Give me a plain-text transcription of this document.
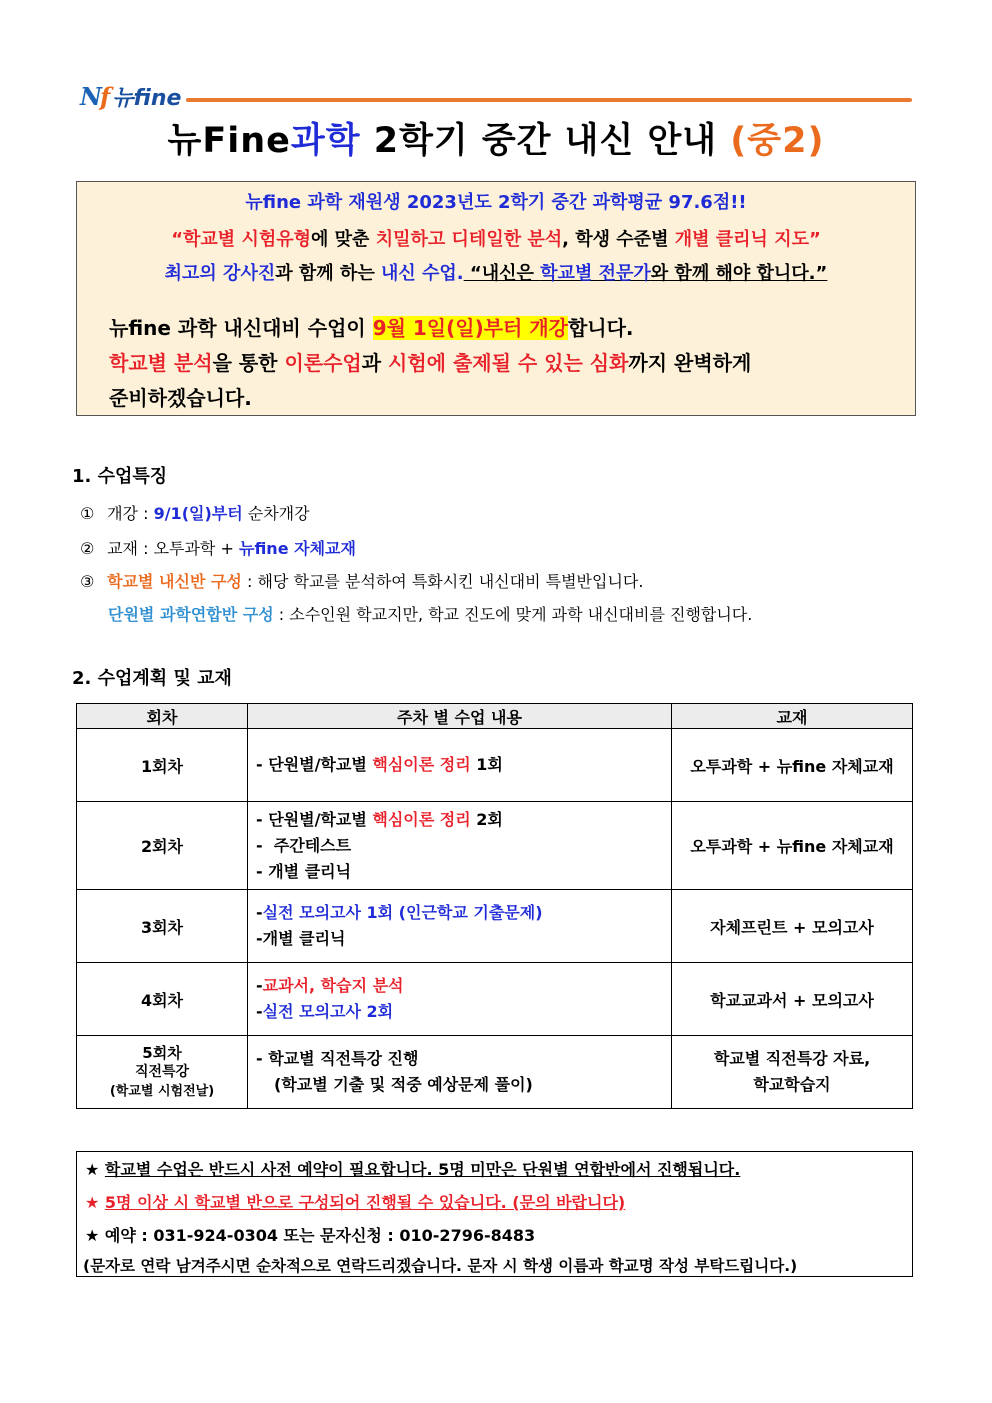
Nf 뉴fine
뉴Fine과학 2학기 중간 내신 안내 (중2)
뉴fine 과학 재원생 2023년도 2학기 중간 과학평균 97.6점!!
“학교별 시험유형에 맞춘 치밀하고 디테일한 분석, 학생 수준별 개별 클리닉 지도”
최고의 강사진과 함께 하는 내신 수업. “내신은 학교별 전문가와 함께 해야 합니다.”
뉴fine 과학 내신대비 수업이 9월 1일(일)부터 개강합니다.
학교별 분석을 통한 이론수업과 시험에 출제될 수 있는 심화까지 완벽하게
준비하겠습니다.
1. 수업특징
① 개강 : 9/1(일)부터 순차개강
② 교재 : 오투과학 + 뉴fine 자체교재
③ 학교별 내신반 구성 : 해당 학교를 분석하여 특화시킨 내신대비 특별반입니다.
단원별 과학연합반 구성 : 소수인원 학교지만, 학교 진도에 맞게 과학 내신대비를 진행합니다.
2. 수업계획 및 교재
회차	주차 별 수업 내용	교재
1회차	- 단원별/학교별 핵심이론 정리 1회	오투과학 + 뉴fine 자체교재
2회차	- 단원별/학교별 핵심이론 정리 2회
-  주간테스트
- 개별 클리닉	오투과학 + 뉴fine 자체교재
3회차	-실전 모의고사 1회 (인근학교 기출문제)
-개별 클리닉	자체프린트 + 모의고사
4회차	-교과서, 학습지 분석
-실전 모의고사 2회	학교교과서 + 모의고사

5회차
직전특강
(학교별 시험전날)	- 학교별 직전특강 진행
(학교별 기출 및 적중 예상문제 풀이)	학교별 직전특강 자료,
학교학습지
★ 학교별 수업은 반드시 사전 예약이 필요합니다. 5명 미만은 단원별 연합반에서 진행됩니다.
★ 5명 이상 시 학교별 반으로 구성되어 진행될 수 있습니다. (문의 바랍니다)
★ 예약 : 031-924-0304 또는 문자신청 : 010-2796-8483
(문자로 연락 남겨주시면 순차적으로 연락드리겠습니다. 문자 시 학생 이름과 학교명 작성 부탁드립니다.)
